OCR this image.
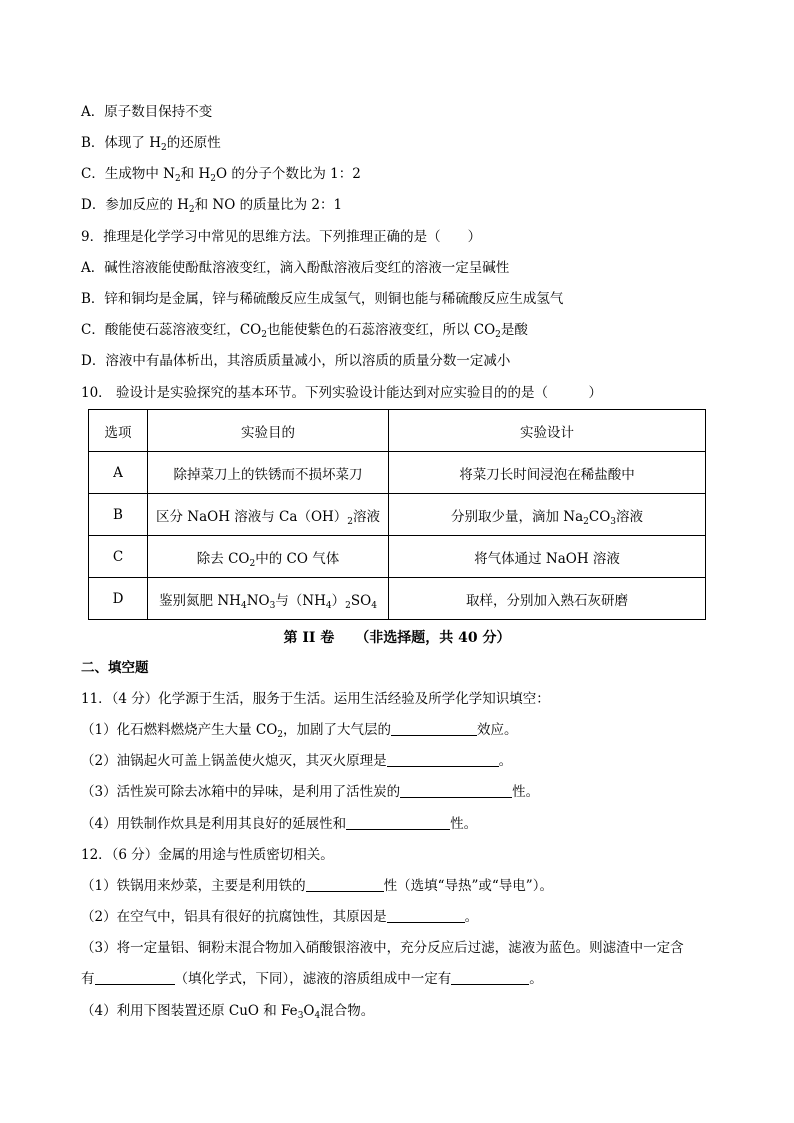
A．原子数目保持不变
B．体现了 $H_2$的还原性
C．生成物中 $N_2$和 $H_2O$ 的分子个数比为 1：2
D．参加反应的 $H_2$和 NO 的质量比为 2：1
9．推理是化学学习中常见的思维方法。下列推理正确的是（　　）
A．碱性溶液能使酚酞溶液变红，滴入酚酞溶液后变红的溶液一定呈碱性
B．锌和铜均是金属，锌与稀硫酸反应生成氢气，则铜也能与稀硫酸反应生成氢气
C．酸能使石蕊溶液变红，$CO_2$也能使紫色的石蕊溶液变红，所以 $CO_2$是酸
D．溶液中有晶体析出，其溶质质量减小，所以溶质的质量分数一定减小
10． 验设计是实验探究的基本环节。下列实验设计能达到对应实验目的的是（　　　）
选项	实验目的	实验设计
A	除掉菜刀上的铁锈而不损坏菜刀	将菜刀长时间浸泡在稀盐酸中
B	区分 NaOH 溶液与 $Ca(OH)_2$溶液	分别取少量，滴加 $Na_2CO_3$溶液
C	除去 $CO_2$中的 CO 气体	将气体通过 NaOH 溶液
D	鉴别氮肥 $NH_4NO_3$与$(NH_4)_2SO_4$	取样，分别加入熟石灰研磨
第 II 卷　　（非选择题，共 40 分）
二、填空题
11．（4 分）化学源于生活，服务于生活。运用生活经验及所学化学知识填空：
（1）化石燃料燃烧产生大量 $CO_2$，加剧了大气层的	效应。
（2）油锅起火可盖上锅盖使火熄灭，其灭火原理是	。
（3）活性炭可除去冰箱中的异味，是利用了活性炭的	性。
（4）用铁制作炊具是利用其良好的延展性和	性。
12．（6 分）金属的用途与性质密切相关。
（1）铁锅用来炒菜，主要是利用铁的	性（选填“导热”或“导电”）。
（2）在空气中，铝具有很好的抗腐蚀性，其原因是	。
（3）将一定量铝、铜粉末混合物加入硝酸银溶液中，充分反应后过滤，滤液为蓝色。则滤渣中一定含
有	（填化学式，下同），滤液的溶质组成中一定有	。
（4）利用下图装置还原 CuO 和 $Fe_3O_4$混合物。
